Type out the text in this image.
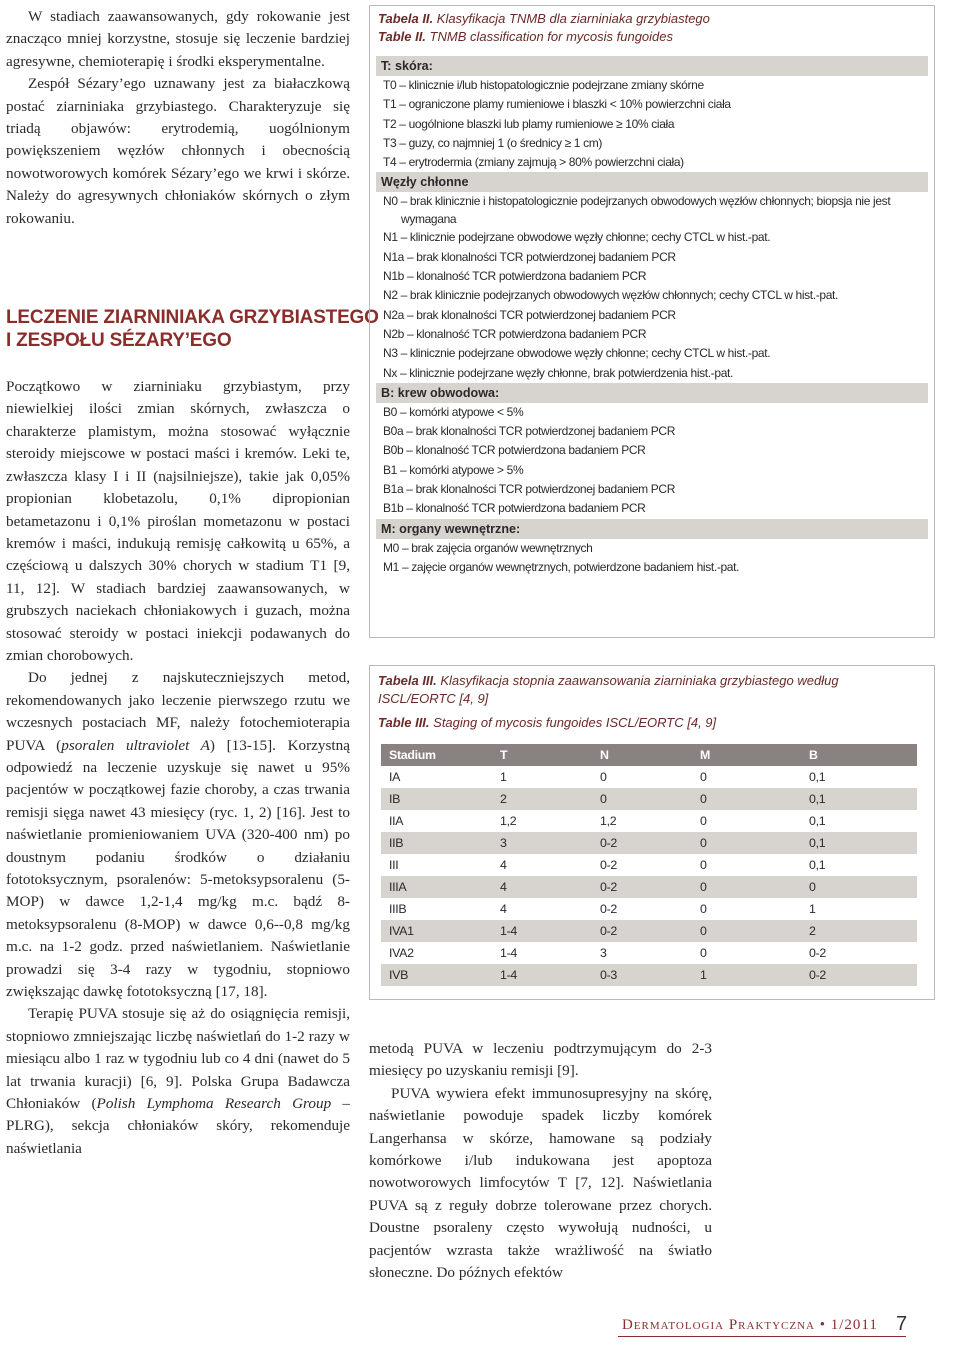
W stadiach zaawansowanych, gdy rokowanie jest znacząco mniej korzystne, stosuje się leczenie bardziej agresywne, chemioterapię i środki eksperymentalne.

Zespół Sézary’ego uznawany jest za białaczkową postać ziarniniaka grzybiastego. Charakteryzuje się triadą objawów: erytrodemią, uogólnionym powiększeniem węzłów chłonnych i obecnością nowotworowych komórek Sézary’ego we krwi i skórze. Należy do agresywnych chłoniaków skórnych o złym rokowaniu.

LECZENIE ZIARNINIAKA GRZYBIASTEGO
I ZESPOŁU SÉZARY’EGO

Początkowo w ziarniniaku grzybiastym, przy niewielkiej ilości zmian skórnych, zwłaszcza o charakterze plamistym, można stosować wyłącznie steroidy miejscowe w postaci maści i kremów. Leki te, zwłaszcza klasy I i II (najsilniejsze), takie jak 0,05% propionian klobetazolu, 0,1% dipropionian betametazonu i 0,1% piroślan mometazonu w postaci kremów i maści, indukują remisję całkowitą u 65%, a częściową u dalszych 30% chorych w stadium T1 [9, 11, 12]. W stadiach bardziej zaawansowanych, w grubszych naciekach chłoniakowych i guzach, można stosować steroidy w postaci iniekcji podawanych do zmian chorobowych.

Do jednej z najskuteczniejszych metod, rekomendowanych jako leczenie pierwszego rzutu we wczesnych postaciach MF, należy fotochemioterapia PUVA (psoralen ultraviolet A) [13-15]. Korzystną odpowiedź na leczenie uzyskuje się nawet u 95% pacjentów w początkowej fazie choroby, a czas trwania remisji sięga nawet 43 miesięcy (ryc. 1, 2) [16]. Jest to naświetlanie promieniowaniem UVA (320-400 nm) po doustnym podaniu środków o działaniu fototoksycznym, psoralenów: 5-metoksypsoralenu (5-MOP) w dawce 1,2-1,4 mg/kg m.c. bądź 8-metoksypsoralenu (8-MOP) w dawce 0,6--0,8 mg/kg m.c. na 1-2 godz. przed naświetlaniem. Naświetlanie prowadzi się 3-4 razy w tygodniu, stopniowo zwiększając dawkę fototoksyczną [17, 18].

Terapię PUVA stosuje się aż do osiągnięcia remisji, stopniowo zmniejszając liczbę naświetlań do 1-2 razy w miesiącu albo 1 raz w tygodniu lub co 4 dni (nawet do 5 lat trwania kuracji) [6, 9]. Polska Grupa Badawcza Chłoniaków (Polish Lymphoma Research Group – PLRG), sekcja chłoniaków skóry, rekomenduje naświetlania

Tabela II. Klasyfikacja TNMB dla ziarniniaka grzybiastego
Table II. TNMB classification for mycosis fungoides
T: skóra:
T0 – klinicznie i/lub histopatologicznie podejrzane zmiany skórne
T1 – ograniczone plamy rumieniowe i blaszki < 10% powierzchni ciała
T2 – uogólnione blaszki lub plamy rumieniowe ≥ 10% ciała
T3 – guzy, co najmniej 1 (o średnicy ≥ 1 cm)
T4 – erytrodermia (zmiany zajmują > 80% powierzchni ciała)
Węzły chłonne
N0 – brak klinicznie i histopatologicznie podejrzanych obwodowych węzłów chłonnych; biopsja nie jest
wymagana
N1 – klinicznie podejrzane obwodowe węzły chłonne; cechy CTCL w hist.-pat.
N1a – brak klonalności TCR potwierdzonej badaniem PCR
N1b – klonalność TCR potwierdzona badaniem PCR
N2 – brak klinicznie podejrzanych obwodowych węzłów chłonnych; cechy CTCL w hist.-pat.
N2a – brak klonalności TCR potwierdzonej badaniem PCR
N2b – klonalność TCR potwierdzona badaniem PCR
N3 – klinicznie podejrzane obwodowe węzły chłonne; cechy CTCL w hist.-pat.
Nx – klinicznie podejrzane węzły chłonne, brak potwierdzenia hist.-pat.
B: krew obwodowa:
B0 – komórki atypowe < 5%
B0a – brak klonalności TCR potwierdzonej badaniem PCR
B0b – klonalność TCR potwierdzona badaniem PCR
B1 – komórki atypowe > 5%
B1a – brak klonalności TCR potwierdzonej badaniem PCR
B1b – klonalność TCR potwierdzona badaniem PCR
M: organy wewnętrzne:
M0 – brak zajęcia organów wewnętrznych
M1 – zajęcie organów wewnętrznych, potwierdzone badaniem hist.-pat.
Tabela III. Klasyfikacja stopnia zaawansowania ziarniniaka grzybiastego według
ISCL/EORTC [4, 9]
Table III. Staging of mycosis fungoides ISCL/EORTC [4, 9]
Stadium	T	N	M	B
IA	1	0	0	0,1
IB	2	0	0	0,1
IIA	1,2	1,2	0	0,1
IIB	3	0-2	0	0,1
III	4	0-2	0	0,1
IIIA	4	0-2	0	0
IIIB	4	0-2	0	1
IVA1	1-4	0-2	0	2
IVA2	1-4	3	0	0-2
IVB	1-4	0-3	1	0-2

metodą PUVA w leczeniu podtrzymującym do 2-3 miesięcy po uzyskaniu remisji [9].

PUVA wywiera efekt immunosupresyjny na skórę, naświetlanie powoduje spadek liczby komórek Langerhansa w skórze, hamowane są podziały komórkowe i/lub indukowana jest apoptoza nowotworowych limfocytów T [7, 12]. Naświetlania PUVA są z reguły dobrze tolerowane przez chorych. Doustne psoraleny często wywołują nudności, u pacjentów wzrasta także wrażliwość na światło słoneczne. Do późnych efektów

Dermatologia Praktyczna • 1/2011 7
